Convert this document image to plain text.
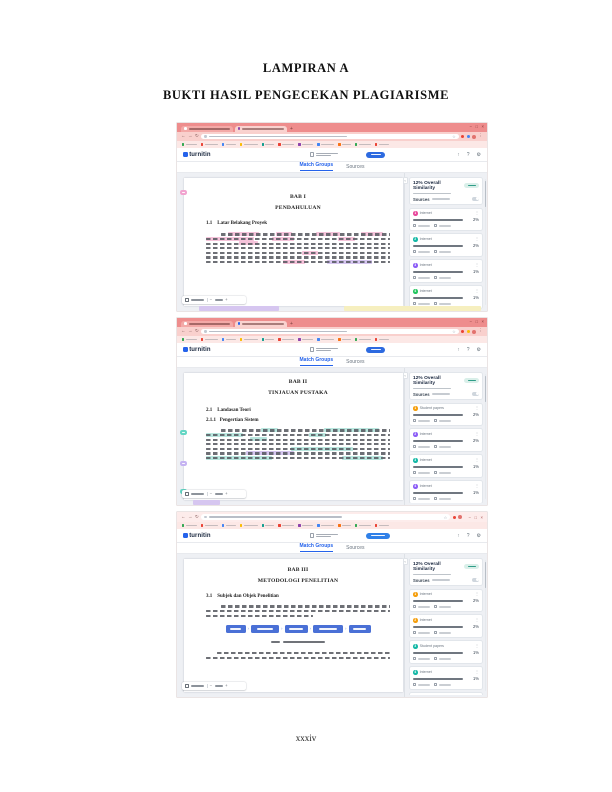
LAMPIRAN A
BUKTI HASIL PENGECEKAN PLAGIARISME
+	− □ ×
← → ↻	☆	⋮
turnitin	↑ ? ⚙
Match Groups	Sources
BAB I
PENDAHULUAN
1.1    Latar Belakang Proyek
‹	12% Overall Similarity
Sources
1 Internet	⋮
2%
2 Internet	⋮
2%
3 Internet	⋮
1%
4 Internet	⋮
1%
−	+
+	− □ ×
← → ↻	☆	⋮
turnitin	↑ ? ⚙
Match Groups	Sources
BAB II
TINJAUAN PUSTAKA
2.1    Landasan Teori
2.1.1   Pengertian Sistem
‹	12% Overall Similarity
Sources
1 Student papers	⋮
2%
2 Internet	⋮
2%
3 Internet	⋮
1%
4 Internet	⋮
1%
−	+
← → ↻	☆	− □ ×
turnitin	↑ ? ⚙
Match Groups	Sources
BAB III
METODOLOGI PENELITIAN
3.1    Subjek dan Objek Penelitian
›	›	›	›
‹	12% Overall Similarity
Sources
1 Internet	⋮
2%
2 Internet	⋮
2%
3 Student papers	⋮
1%
4 Internet	⋮
1%
−	+
xxxiv
